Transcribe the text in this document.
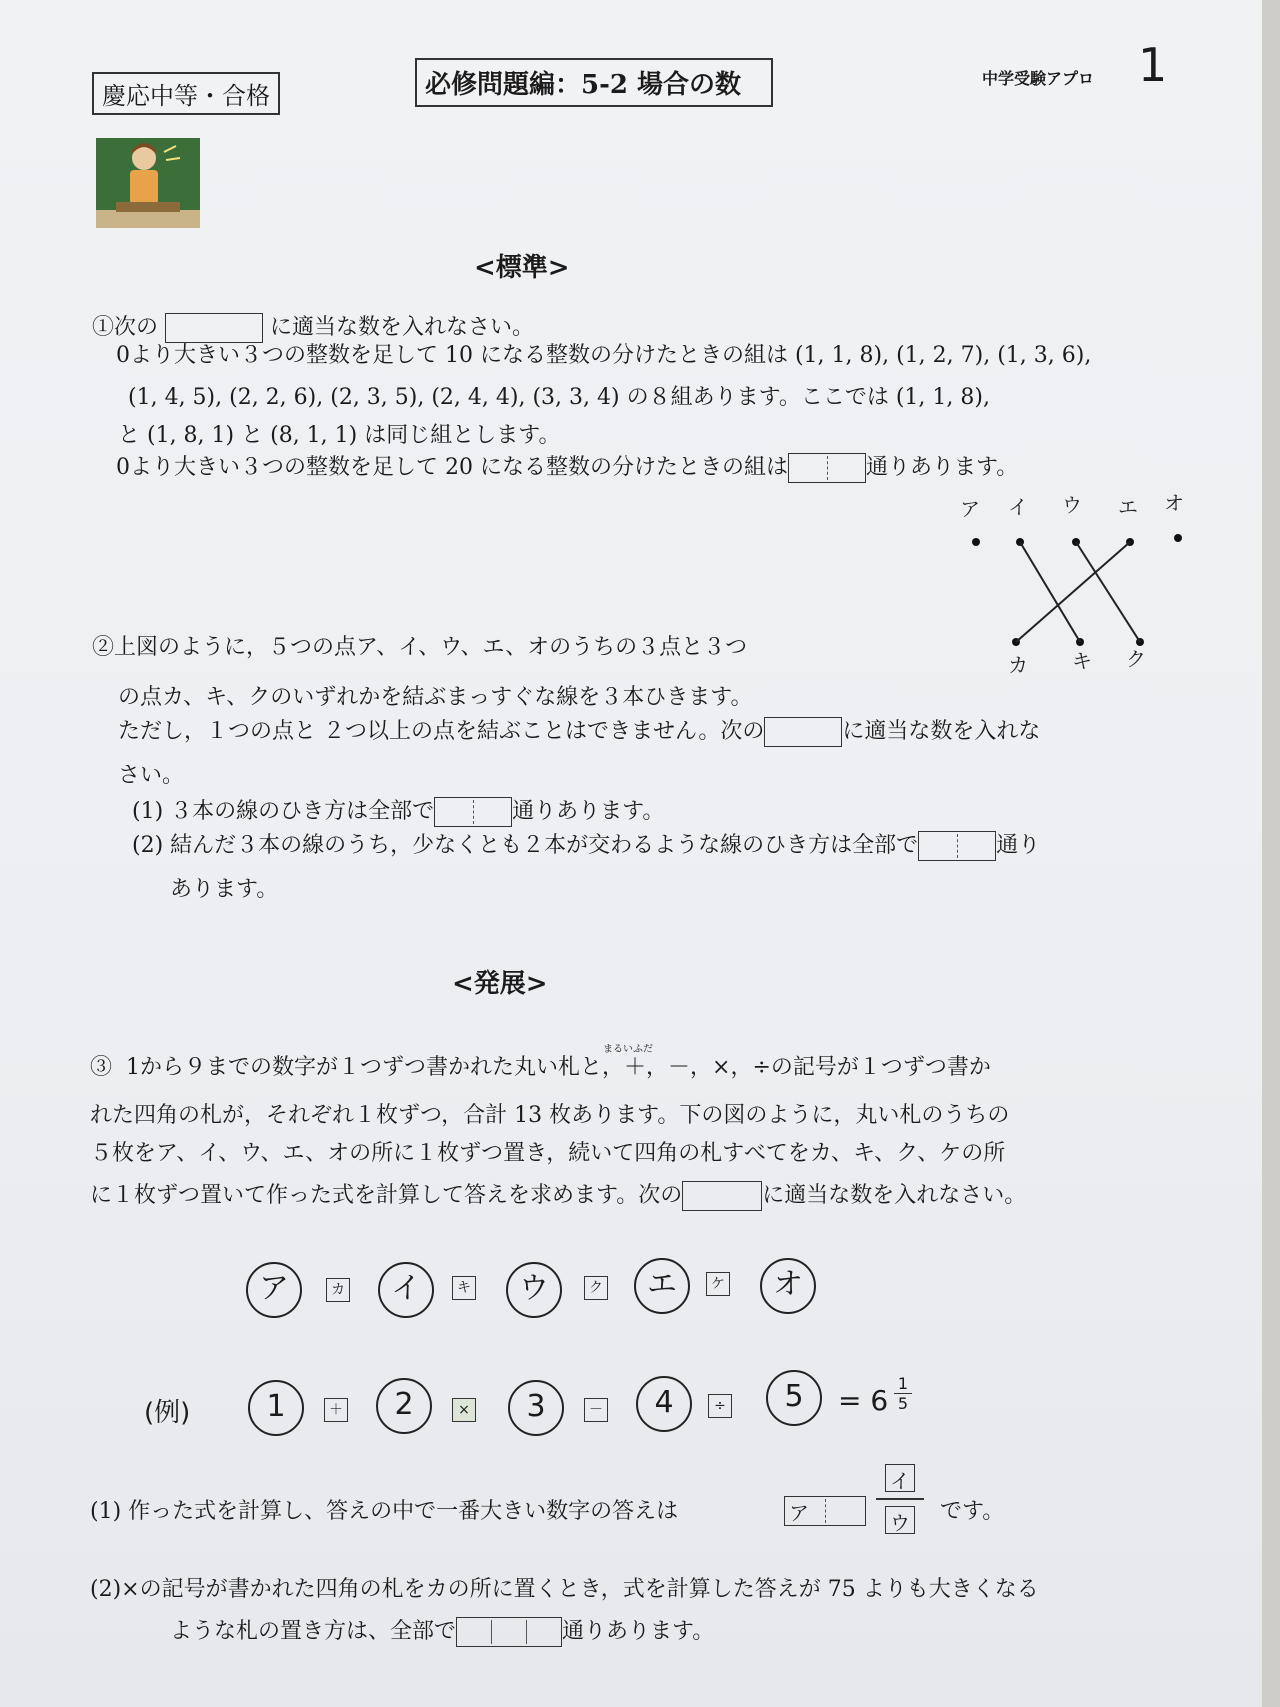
慶応中等・合格	必修問題編：5-2 場合の数	中学受験アプロ 1
<標準>
①次の	に適当な数を入れなさい。
0より大きい３つの整数を足して 10 になる整数の分けたときの組は (1, 1, 8), (1, 2, 7), (1, 3, 6),
(1, 4, 5), (2, 2, 6), (2, 3, 5), (2, 4, 4), (3, 3, 4) の８組あります。ここでは (1, 1, 8),
と (1, 8, 1) と (8, 1, 1) は同じ組とします。
0より大きい３つの整数を足して 20 になる整数の分けたときの組は	通りあります。
ア イ ウ エ オ
カ キ ク
②上図のように，５つの点ア、イ、ウ、エ、オのうちの３点と３つ
の点カ、キ、クのいずれかを結ぶまっすぐな線を３本ひきます。
ただし，１つの点と ２つ以上の点を結ぶことはできません。次の	に適当な数を入れな
さい。
(1) ３本の線のひき方は全部で	通りあります。
(2) 結んだ３本の線のうち，少なくとも２本が交わるような線のひき方は全部で	通り
あります。
<発展>
まるいふだ
③ 1から９までの数字が１つずつ書かれた丸い札と，＋，－，×，÷の記号が１つずつ書か
れた四角の札が，それぞれ１枚ずつ，合計 13 枚あります。下の図のように，丸い札のうちの
５枚をア、イ、ウ、エ、オの所に１枚ずつ置き，続いて四角の札すべてをカ、キ、ク、ケの所
に１枚ずつ置いて作った式を計算して答えを求めます。次の	に適当な数を入れなさい。
ア	カ	イ	キ	ウ	ク	エ	ケ	オ
(例)	1	＋	2	×	3	－	4	÷	5	= $6 \frac{1}{5}$
(1) 作った式を計算し、答えの中で一番大きい数字の答えは	ア
イ
ウ です。
(2)×の記号が書かれた四角の札をカの所に置くとき，式を計算した答えが 75 よりも大きくなる
ような札の置き方は、全部で	通りあります。
